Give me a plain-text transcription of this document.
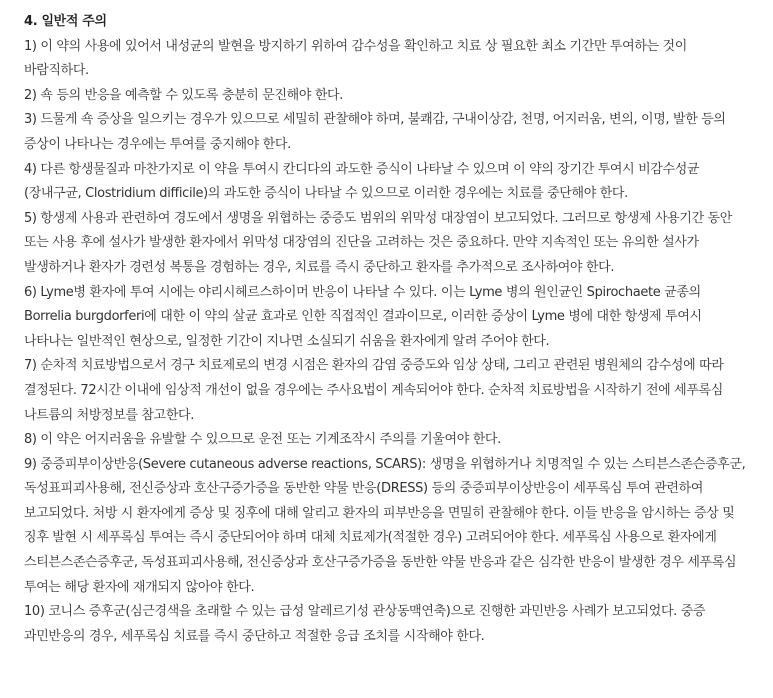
4. 일반적 주의
1) 이 약의 사용에 있어서 내성균의 발현을 방지하기 위하여 감수성을 확인하고 치료 상 필요한 최소 기간만 투여하는 것이 바람직하다.
2) 쇽 등의 반응을 예측할 수 있도록 충분히 문진해야 한다.
3) 드물게 쇽 증상을 일으키는 경우가 있으므로 세밀히 관찰해야 하며, 불쾌감, 구내이상감, 천명, 어지러움, 변의, 이명, 발한 등의 증상이 나타나는 경우에는 투여를 중지해야 한다.
4) 다른 항생물질과 마찬가지로 이 약을 투여시 칸디다의 과도한 증식이 나타날 수 있으며 이 약의 장기간 투여시 비감수성균(장내구균, Clostridium difficile)의 과도한 증식이 나타날 수 있으므로 이러한 경우에는 치료를 중단해야 한다.
5) 항생제 사용과 관련하여 경도에서 생명을 위협하는 중증도 범위의 위막성 대장염이 보고되었다. 그러므로 항생제 사용기간 동안 또는 사용 후에 설사가 발생한 환자에서 위막성 대장염의 진단을 고려하는 것은 중요하다. 만약 지속적인 또는 유의한 설사가 발생하거나 환자가 경련성 복통을 경험하는 경우, 치료를 즉시 중단하고 환자를 추가적으로 조사하여야 한다.
6) Lyme병 환자에 투여 시에는 야리시헤르스하이머 반응이 나타날 수 있다. 이는 Lyme 병의 원인균인 Spirochaete 균종의 Borrelia burgdorferi에 대한 이 약의 살균 효과로 인한 직접적인 결과이므로, 이러한 증상이 Lyme 병에 대한 항생제 투여시 나타나는 일반적인 현상으로, 일정한 기간이 지나면 소실되기 쉬움을 환자에게 알려 주어야 한다.
7) 순차적 치료방법으로서 경구 치료제로의 변경 시점은 환자의 감염 중증도와 임상 상태, 그리고 관련된 병원체의 감수성에 따라 결정된다. 72시간 이내에 임상적 개선이 없을 경우에는 주사요법이 계속되어야 한다. 순차적 치료방법을 시작하기 전에 세푸록심 나트륨의 처방정보를 참고한다.
8) 이 약은 어지러움을 유발할 수 있으므로 운전 또는 기계조작시 주의를 기울여야 한다.
9) 중증피부이상반응(Severe cutaneous adverse reactions, SCARS): 생명을 위협하거나 치명적일 수 있는 스티븐스존슨증후군, 독성표피괴사용해, 전신증상과 호산구증가증을 동반한 약물 반응(DRESS) 등의 중증피부이상반응이 세푸록심 투여 관련하여 보고되었다. 처방 시 환자에게 증상 및 징후에 대해 알리고 환자의 피부반응을 면밀히 관찰해야 한다. 이들 반응을 암시하는 증상 및 징후 발현 시 세푸록심 투여는 즉시 중단되어야 하며 대체 치료제가(적절한 경우) 고려되어야 한다. 세푸록심 사용으로 환자에게 스티븐스존슨증후군, 독성표피괴사용해, 전신증상과 호산구증가증을 동반한 약물 반응과 같은 심각한 반응이 발생한 경우 세푸록심 투여는 해당 환자에 재개되지 않아야 한다.
10) 코니스 증후군(심근경색을 초래할 수 있는 급성 알레르기성 관상동맥연축)으로 진행한 과민반응 사례가 보고되었다. 중증 과민반응의 경우, 세푸록심 치료를 즉시 중단하고 적절한 응급 조치를 시작해야 한다.
